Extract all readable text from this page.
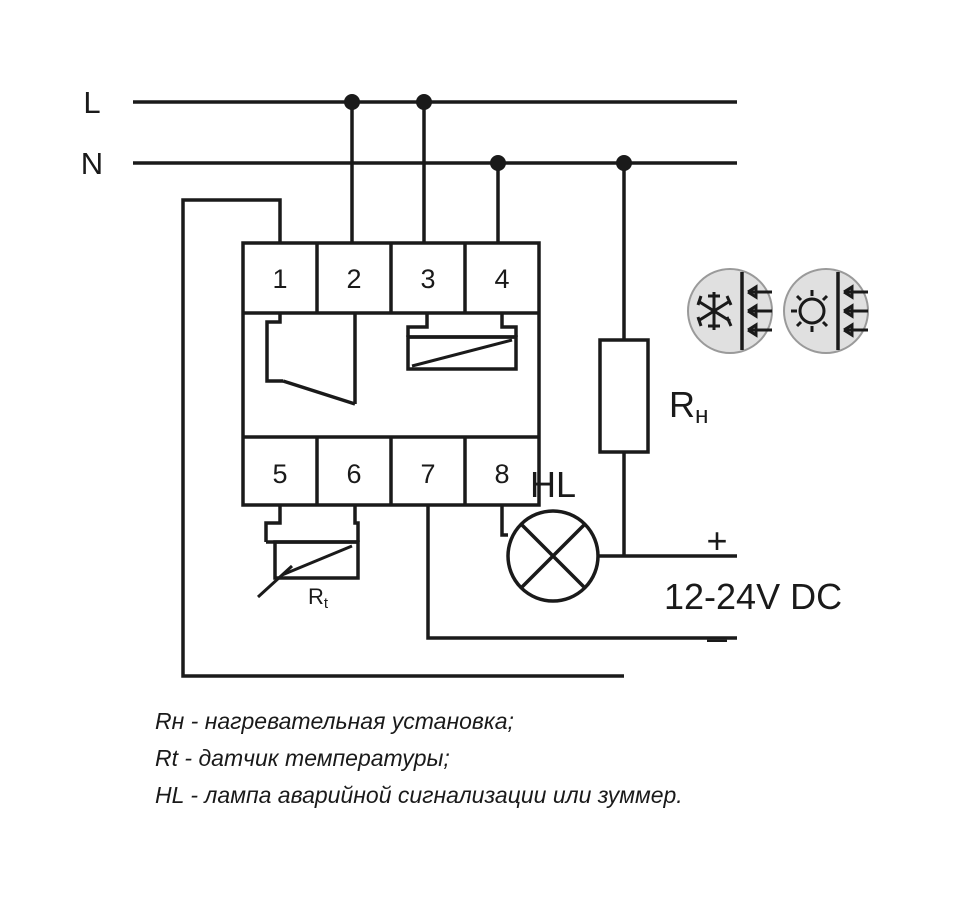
L
N
1 2 3 4
5 6 7 8
Rt
Rн
HL
+
–
12-24V DC
Rн - нагревательная установка;
Rt - датчик температуры;
HL - лампа аварийной сигнализации или зуммер.
